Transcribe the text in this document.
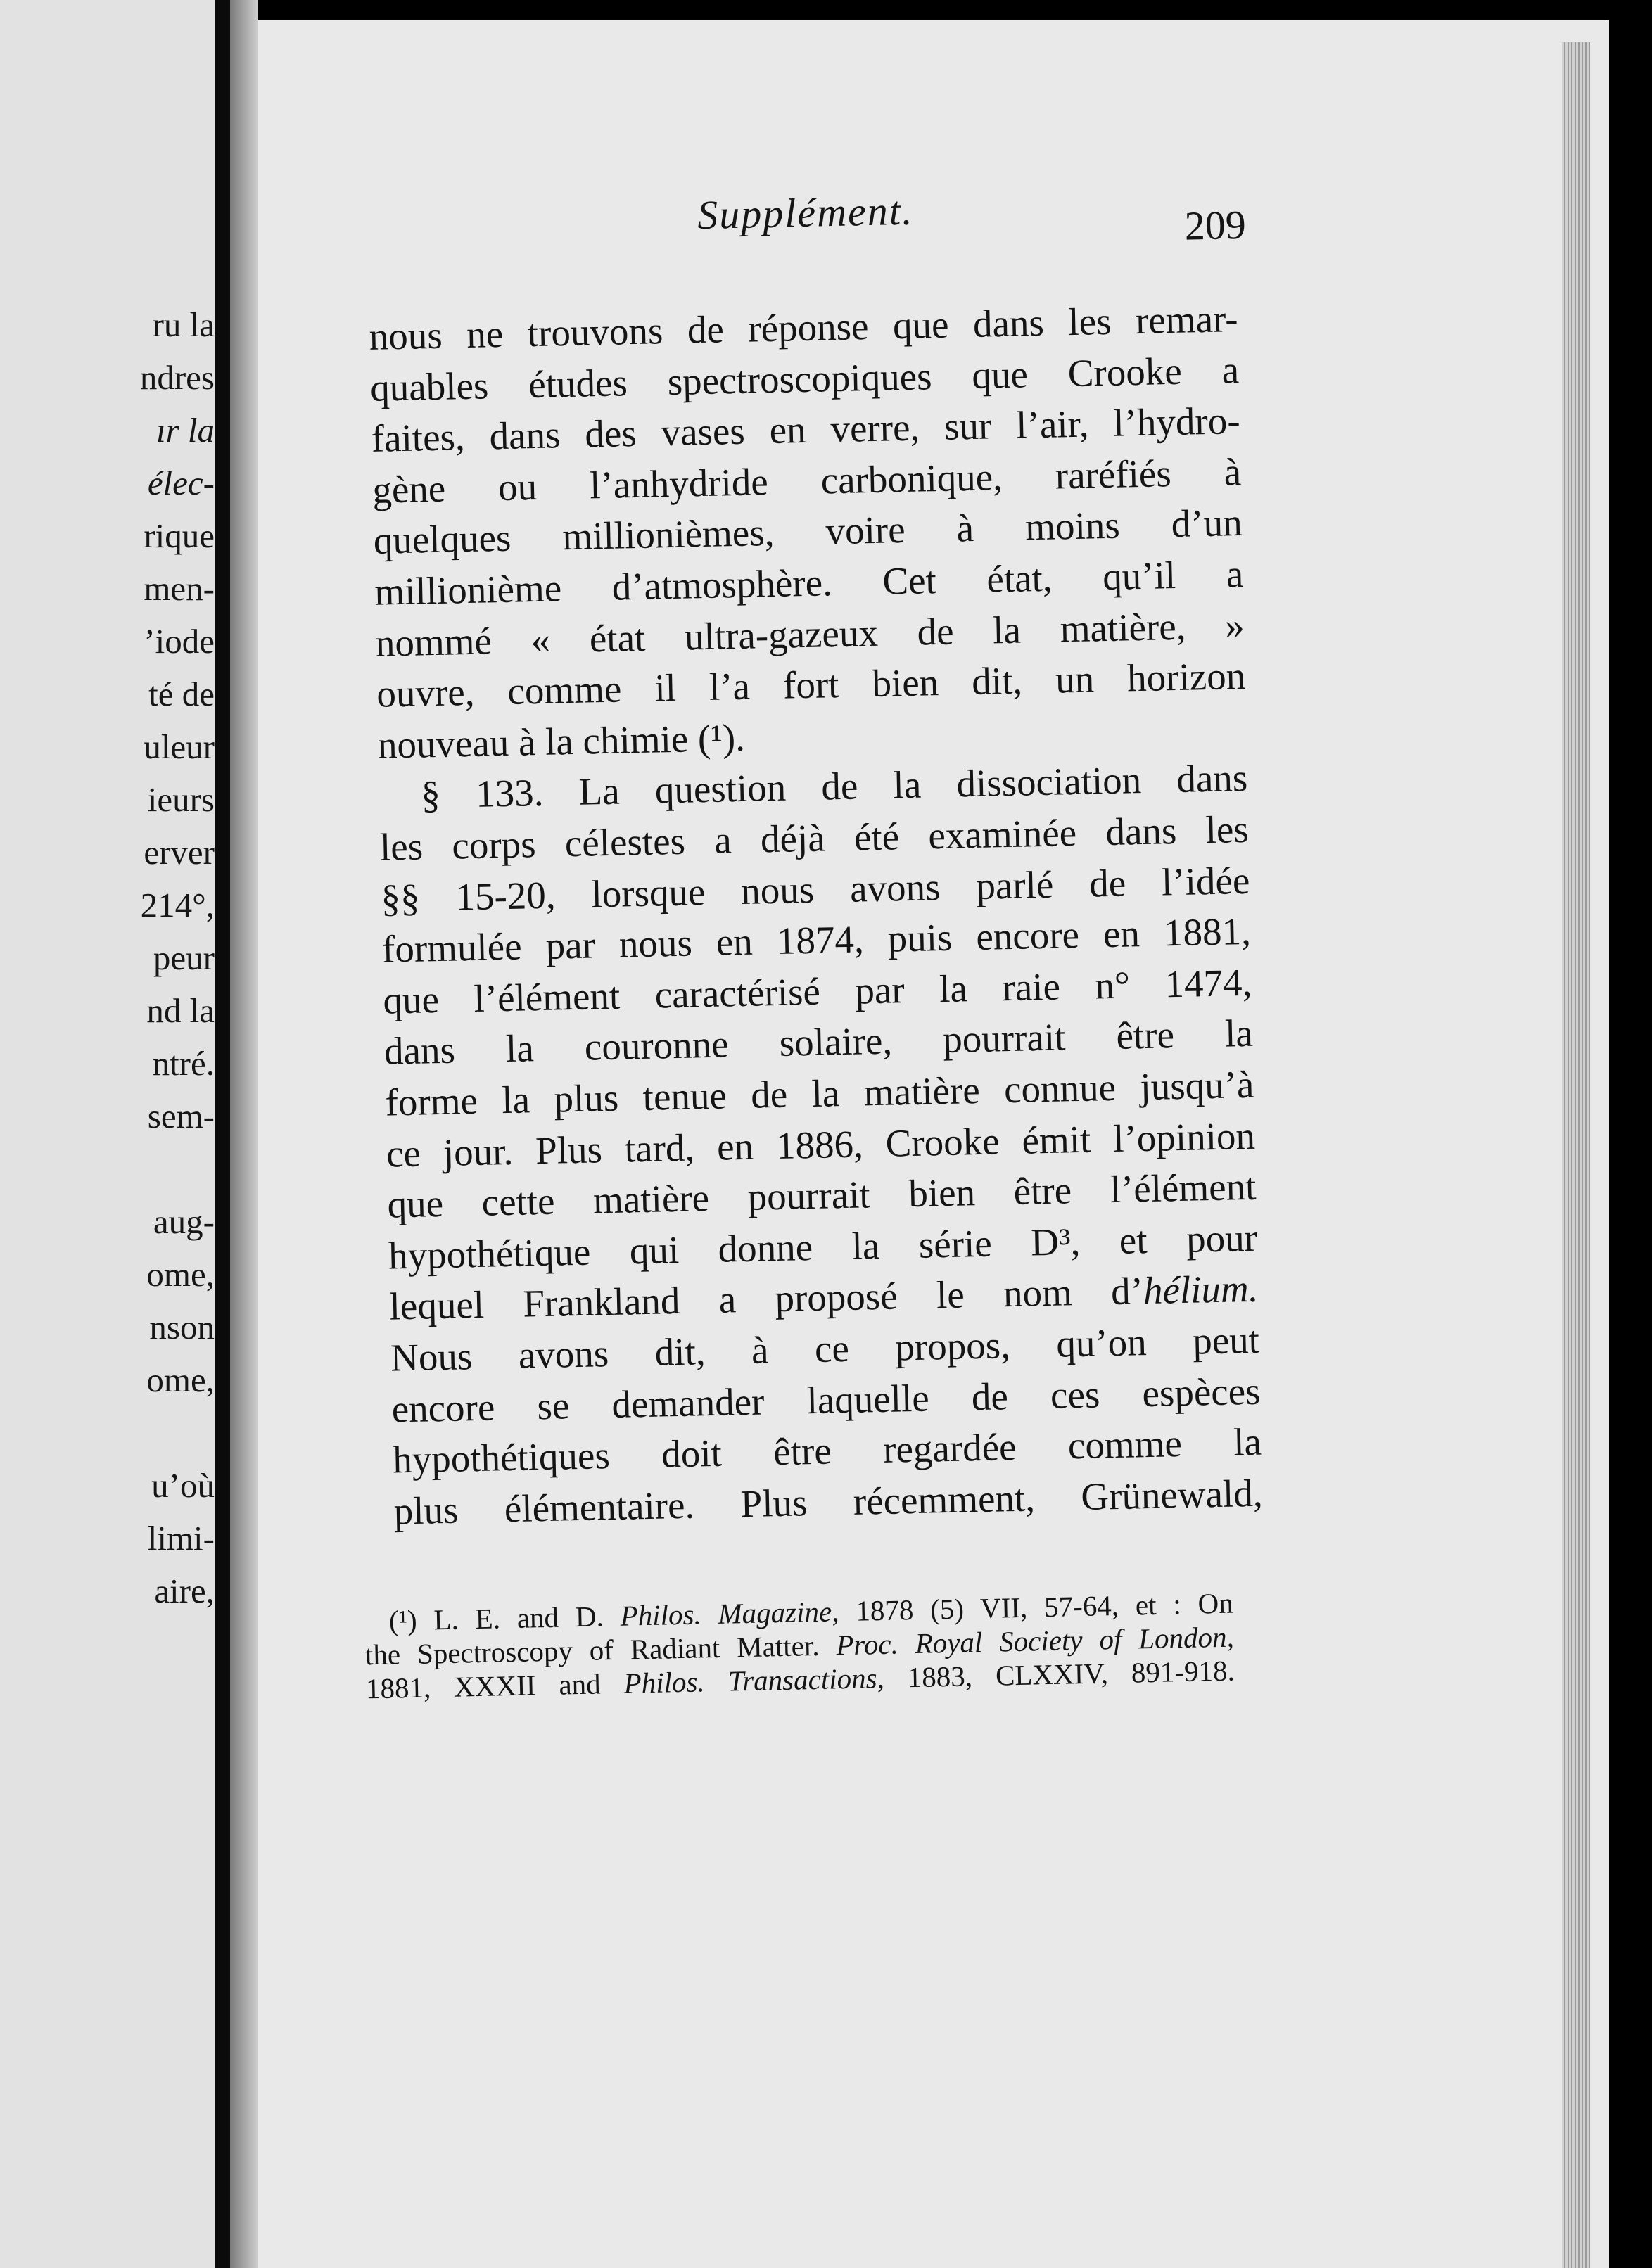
ru la
ndres
ır la
élec-
rique
men-
’iode
té de
uleur
ieurs
erver
214°,
peur
nd la
ntré.
sem-
aug-
ome,
nson
ome,
u’où
limi-
aire,
Supplément.	209
nous ne trouvons de réponse que dans les remar-
quables études spectroscopiques que Crooke a
faites, dans des vases en verre, sur l’air, l’hydro-
gène ou l’anhydride carbonique, raréfiés à
quelques millionièmes, voire à moins d’un
millionième d’atmosphère. Cet état, qu’il a
nommé « état ultra-gazeux de la matière, »
ouvre, comme il l’a fort bien dit, un horizon
nouveau à la chimie (¹).
§ 133. La question de la dissociation dans
les corps célestes a déjà été examinée dans les
§§ 15-20, lorsque nous avons parlé de l’idée
formulée par nous en 1874, puis encore en 1881,
que l’élément caractérisé par la raie n° 1474,
dans la couronne solaire, pourrait être la
forme la plus tenue de la matière connue jusqu’à
ce jour. Plus tard, en 1886, Crooke émit l’opinion
que cette matière pourrait bien être l’élément
hypothétique qui donne la série D³, et pour
lequel Frankland a proposé le nom d’hélium.
Nous avons dit, à ce propos, qu’on peut
encore se demander laquelle de ces espèces
hypothétiques doit être regardée comme la
plus élémentaire. Plus récemment, Grünewald,
(¹) L. E. and D. Philos. Magazine, 1878 (5) VII, 57-64, et : On
the Spectroscopy of Radiant Matter. Proc. Royal Society of London,
1881, XXXII and Philos. Transactions, 1883, CLXXIV, 891-918.
